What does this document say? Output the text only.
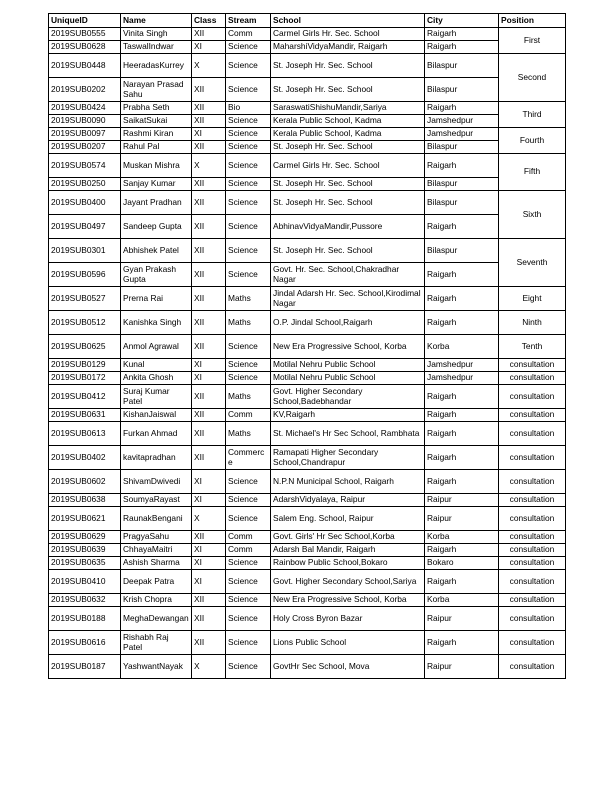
UniqueID	Name	Class	Stream	School	City	Position
2019SUB0555	Vinita Singh	XII	Comm	Carmel Girls Hr. Sec. School	Raigarh	First
2019SUB0628	TaswalIndwar	XI	Science	MaharshiVidyaMandir, Raigarh	Raigarh	
2019SUB0448	HeeradasKurrey	X	Science	St. Joseph Hr. Sec. School	Bilaspur	Second
2019SUB0202	Narayan Prasad Sahu	XII	Science	St. Joseph Hr. Sec. School	Bilaspur	
2019SUB0424	Prabha Seth	XII	Bio	SaraswatiShishuMandir,Sariya	Raigarh	Third
2019SUB0090	SaikatSukai	XII	Science	Kerala Public School, Kadma	Jamshedpur	
2019SUB0097	Rashmi Kiran	XI	Science	Kerala Public School, Kadma	Jamshedpur	Fourth
2019SUB0207	Rahul Pal	XII	Science	St. Joseph Hr. Sec. School	Bilaspur	
2019SUB0574	Muskan Mishra	X	Science	Carmel Girls Hr. Sec. School	Raigarh	Fifth
2019SUB0250	Sanjay Kumar	XII	Science	St. Joseph Hr. Sec. School	Bilaspur	
2019SUB0400	Jayant Pradhan	XII	Science	St. Joseph Hr. Sec. School	Bilaspur	Sixth
2019SUB0497	Sandeep Gupta	XII	Science	AbhinavVidyaMandir,Pussore	Raigarh	
2019SUB0301	Abhishek Patel	XII	Science	St. Joseph Hr. Sec. School	Bilaspur	Seventh
2019SUB0596	Gyan Prakash Gupta	XII	Science	Govt. Hr. Sec. School,Chakradhar Nagar	Raigarh	
2019SUB0527	Prerna Rai	XII	Maths	Jindal Adarsh Hr. Sec. School,Kirodimal Nagar	Raigarh	Eight
2019SUB0512	Kanishka Singh	XII	Maths	O.P. Jindal School,Raigarh	Raigarh	Ninth
2019SUB0625	Anmol Agrawal	XII	Science	New Era Progressive School, Korba	Korba	Tenth
2019SUB0129	Kunal	XI	Science	Motilal Nehru Public School	Jamshedpur	consultation
2019SUB0172	Ankita Ghosh	XI	Science	Motilal Nehru Public School	Jamshedpur	consultation
2019SUB0412	Suraj Kumar Patel	XII	Maths	Govt. Higher Secondary School,Badebhandar	Raigarh	consultation
2019SUB0631	KishanJaiswal	XII	Comm	KV,Raigarh	Raigarh	consultation
2019SUB0613	Furkan Ahmad	XII	Maths	St. Michael's Hr Sec School, Rambhata	Raigarh	consultation
2019SUB0402	kavitapradhan	XII	Commerce	Ramapati Higher Secondary School,Chandrapur	Raigarh	consultation
2019SUB0602	ShivamDwivedi	XI	Science	N.P.N Municipal School, Raigarh	Raigarh	consultation
2019SUB0638	SoumyaRayast	XI	Science	AdarshVidyalaya, Raipur	Raipur	consultation
2019SUB0621	RaunakBengani	X	Science	Salem Eng. School, Raipur	Raipur	consultation
2019SUB0629	PragyaSahu	XII	Comm	Govt. Girls' Hr Sec School,Korba	Korba	consultation
2019SUB0639	ChhayaMaitri	XI	Comm	Adarsh Bal Mandir, Raigarh	Raigarh	consultation
2019SUB0635	Ashish Sharma	XI	Science	Rainbow Public School,Bokaro	Bokaro	consultation
2019SUB0410	Deepak Patra	XI	Science	Govt. Higher Secondary School,Sariya	Raigarh	consultation
2019SUB0632	Krish Chopra	XII	Science	New Era Progressive School, Korba	Korba	consultation
2019SUB0188	MeghaDewangan	XII	Science	Holy Cross Byron Bazar	Raipur	consultation
2019SUB0616	Rishabh Raj Patel	XII	Science	Lions Public School	Raigarh	consultation
2019SUB0187	YashwantNayak	X	Science	GovtHr Sec School, Mova	Raipur	consultation
